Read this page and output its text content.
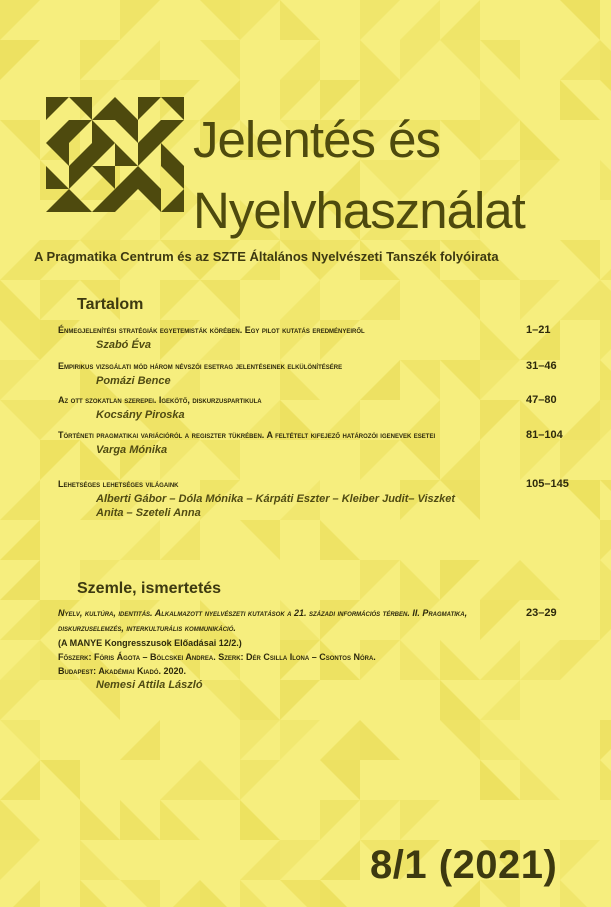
Jelentés és
Nyelvhasználat
A Pragmatika Centrum és az SZTE Általános Nyelvészeti Tanszék folyóirata
Tartalom
Énmegjelenítési stratégiák egyetemisták körében. Egy pilot kutatás eredményeiről
Szabó Éva
1–21
Empirikus vizsgálati mód három névszói esetrag jelentéseinek elkülönítésére
Pomázi Bence
31–46
Az ott szokatlan szerepei. Igekötő, diskurzuspartikula
Kocsány Piroska
47–80
Történeti pragmatikai variációról a regiszter tükrében. A feltételt kifejező határozói igenevek esetei
Varga Mónika
81–104
Lehetséges lehetséges világaink
Alberti Gábor – Dóla Mónika – Kárpáti Eszter – Kleiber Judit– Viszket Anita – Szeteli Anna
105–145
Szemle, ismertetés
Nyelv, kultúra, identitás. Alkalmazott nyelvészeti kutatások a 21. századi információs térben. II. Pragmatika, diskurzuselemzés, interkulturális kommunikáció.
(A MANYE Kongresszusok Előadásai 12/2.)
Főszerk: Fóris Ágota – Bölcskei Andrea. Szerk: Dér Csilla Ilona – Csontos Nóra.
Budapest: Akadémiai Kiadó. 2020.
Nemesi Attila László
23–29
8/1 (2021)
